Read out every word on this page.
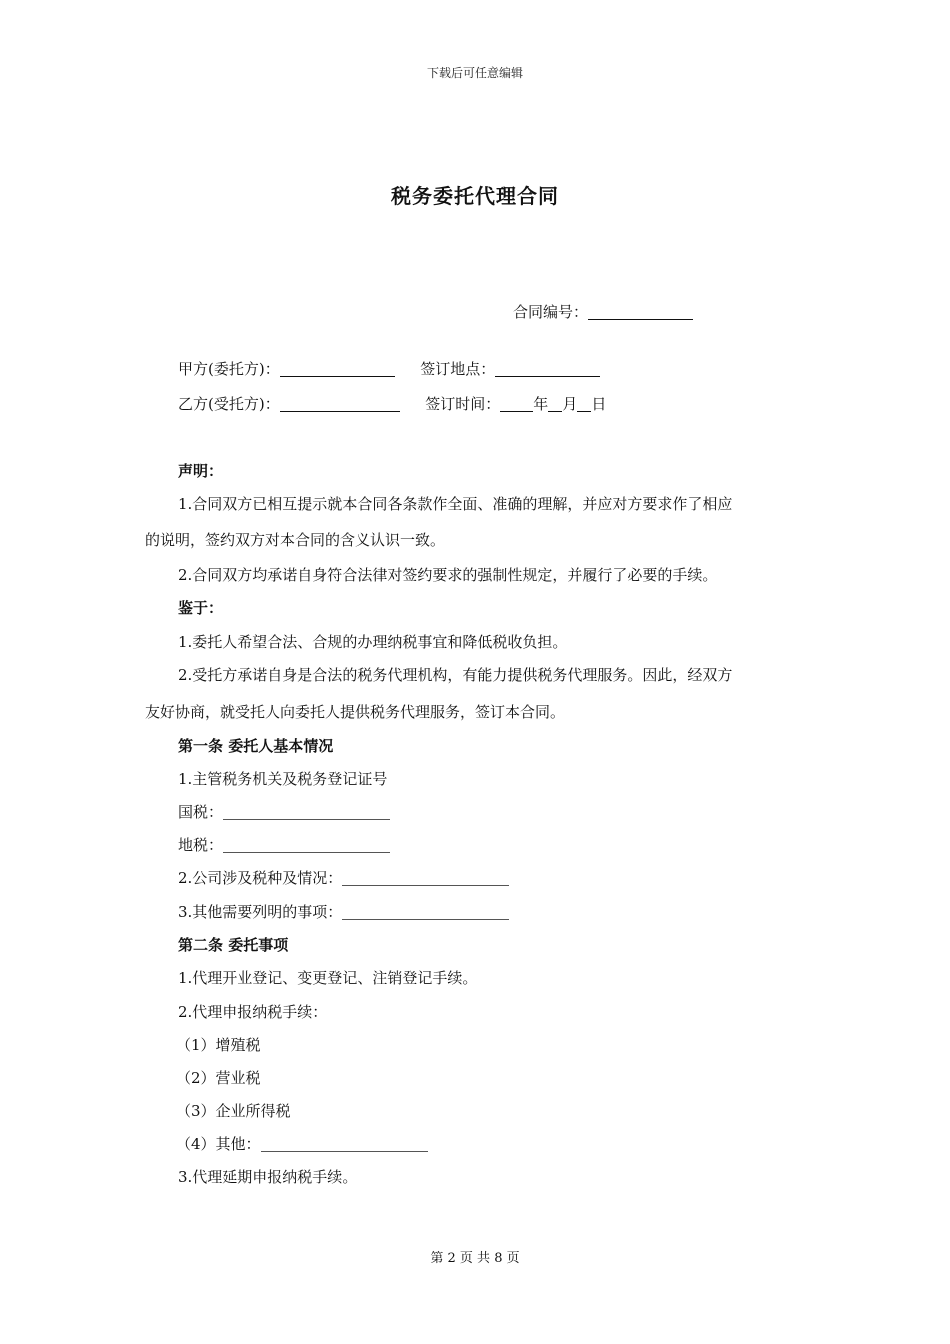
下载后可任意编辑
税务委托代理合同
合同编号：
甲方(委托方)：	签订地点：
乙方(受托方)：	签订时间： 年 月 日
声明：
1.合同双方已相互提示就本合同各条款作全面、准确的理解，并应对方要求作了相应
的说明，签约双方对本合同的含义认识一致。
2.合同双方均承诺自身符合法律对签约要求的强制性规定，并履行了必要的手续。
鉴于：
1.委托人希望合法、合规的办理纳税事宜和降低税收负担。
2.受托方承诺自身是合法的税务代理机构，有能力提供税务代理服务。因此，经双方
友好协商，就受托人向委托人提供税务代理服务，签订本合同。
第一条 委托人基本情况
1.主管税务机关及税务登记证号
国税：
地税：
2.公司涉及税种及情况：
3.其他需要列明的事项：
第二条 委托事项
1.代理开业登记、变更登记、注销登记手续。
2.代理申报纳税手续：
（1）增殖税
（2）营业税
（3）企业所得税
（4）其他：
3.代理延期申报纳税手续。
第 2 页 共 8 页
